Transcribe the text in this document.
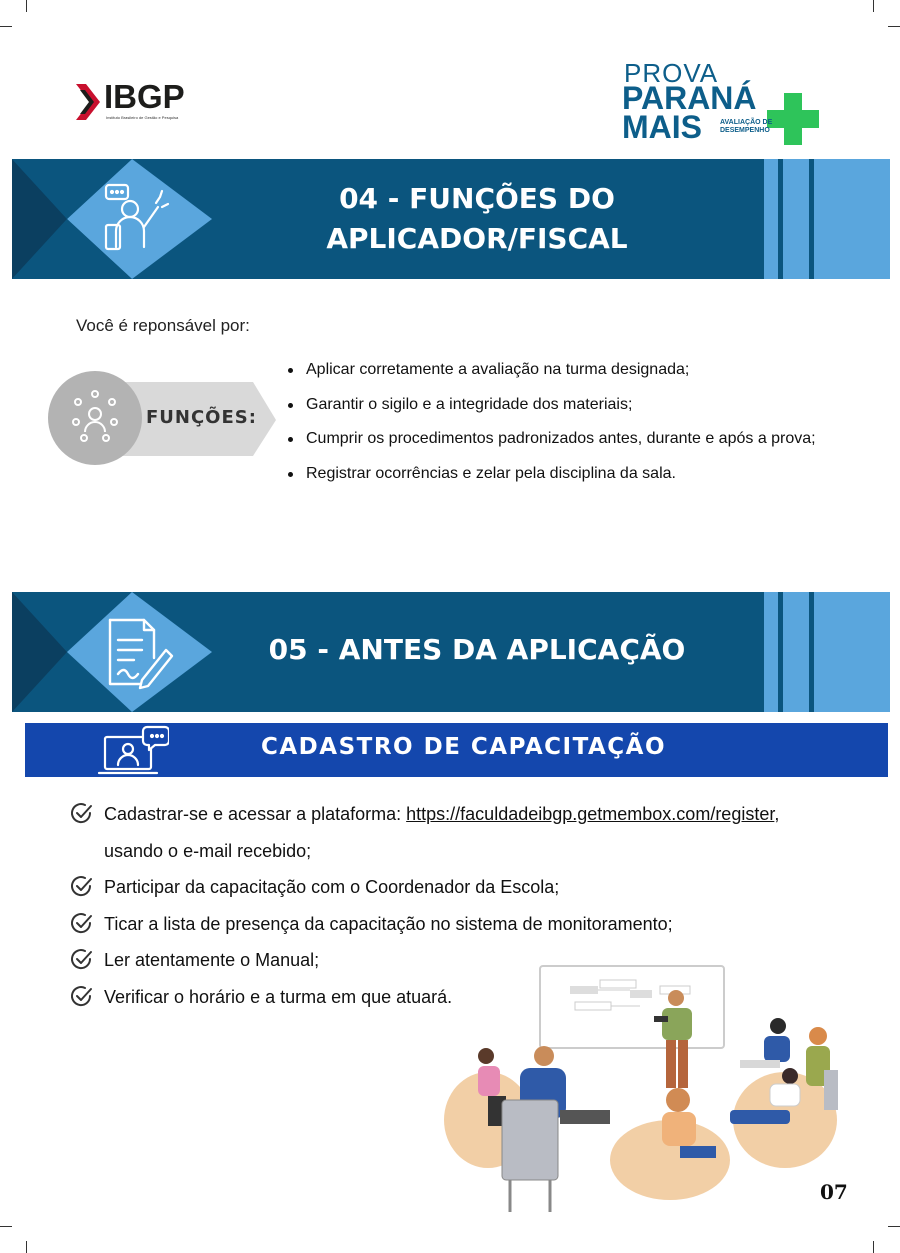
IBGP
Instituto Brasileiro de Gestão e Pesquisa
PROVA
PARANÁ
MAIS	AVALIAÇÃO DE DESEMPENHO
04 - FUNÇÕES DO
APLICADOR/FISCAL
Você é reponsável por:
FUNÇÕES:
Aplicar corretamente a avaliação na turma designada;
Garantir o sigilo e a integridade dos materiais;
Cumprir os procedimentos padronizados antes, durante e após a prova;
Registrar ocorrências e zelar pela disciplina da sala.
05 - ANTES DA APLICAÇÃO
CADASTRO DE CAPACITAÇÃO
Cadastrar-se e acessar a plataforma: https://faculdadeibgp.getmembox.com/register,
usando o e-mail recebido;
Participar da capacitação com o Coordenador da Escola;
Ticar a lista de presença da capacitação no sistema de monitoramento;
Ler atentamente o Manual;
Verificar o horário e a turma em que atuará.
07
